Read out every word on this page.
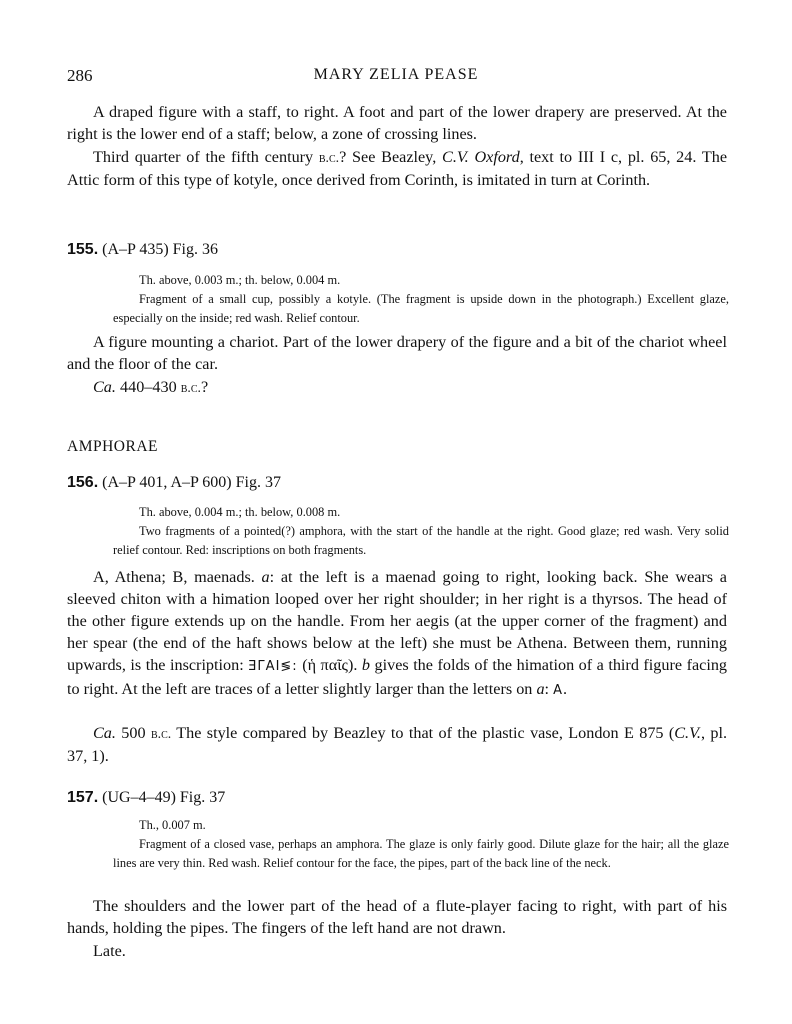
286	MARY ZELIA PEASE

A draped figure with a staff, to right. A foot and part of the lower drapery are preserved. At the right is the lower end of a staff; below, a zone of crossing lines.

Third quarter of the fifth century b.c.? See Beazley, C.V. Oxford, text to III I c, pl. 65, 24. The Attic form of this type of kotyle, once derived from Corinth, is imitated in turn at Corinth.

155. (A–P 435) Fig. 36

Th. above, 0.003 m.; th. below, 0.004 m.

Fragment of a small cup, possibly a kotyle. (The fragment is upside down in the photograph.) Excellent glaze, especially on the inside; red wash. Relief contour.

A figure mounting a chariot. Part of the lower drapery of the figure and a bit of the chariot wheel and the floor of the car.

Ca. 440–430 b.c.?

AMPHORAE
156. (A–P 401, A–P 600) Fig. 37

Th. above, 0.004 m.; th. below, 0.008 m.

Two fragments of a pointed(?) amphora, with the start of the handle at the right. Good glaze; red wash. Very solid relief contour. Red: inscriptions on both fragments.

A, Athena; B, maenads. a: at the left is a maenad going to right, looking back. She wears a sleeved chiton with a himation looped over her right shoulder; in her right is a thyrsos. The head of the other figure extends up on the handle. From her aegis (at the upper corner of the fragment) and her spear (the end of the haft shows below at the left) she must be Athena. Between them, running upwards, is the inscription: ƎΓΑΙ≶: (ἡ παῖς). b gives the folds of the himation of a third figure facing to right. At the left are traces of a letter slightly larger than the letters on a: A.

Ca. 500 b.c. The style compared by Beazley to that of the plastic vase, London E 875 (C.V., pl. 37, 1).

157. (UG–4–49) Fig. 37

Th., 0.007 m.

Fragment of a closed vase, perhaps an amphora. The glaze is only fairly good. Dilute glaze for the hair; all the glaze lines are very thin. Red wash. Relief contour for the face, the pipes, part of the back line of the neck.

The shoulders and the lower part of the head of a flute-player facing to right, with part of his hands, holding the pipes. The fingers of the left hand are not drawn.

Late.
